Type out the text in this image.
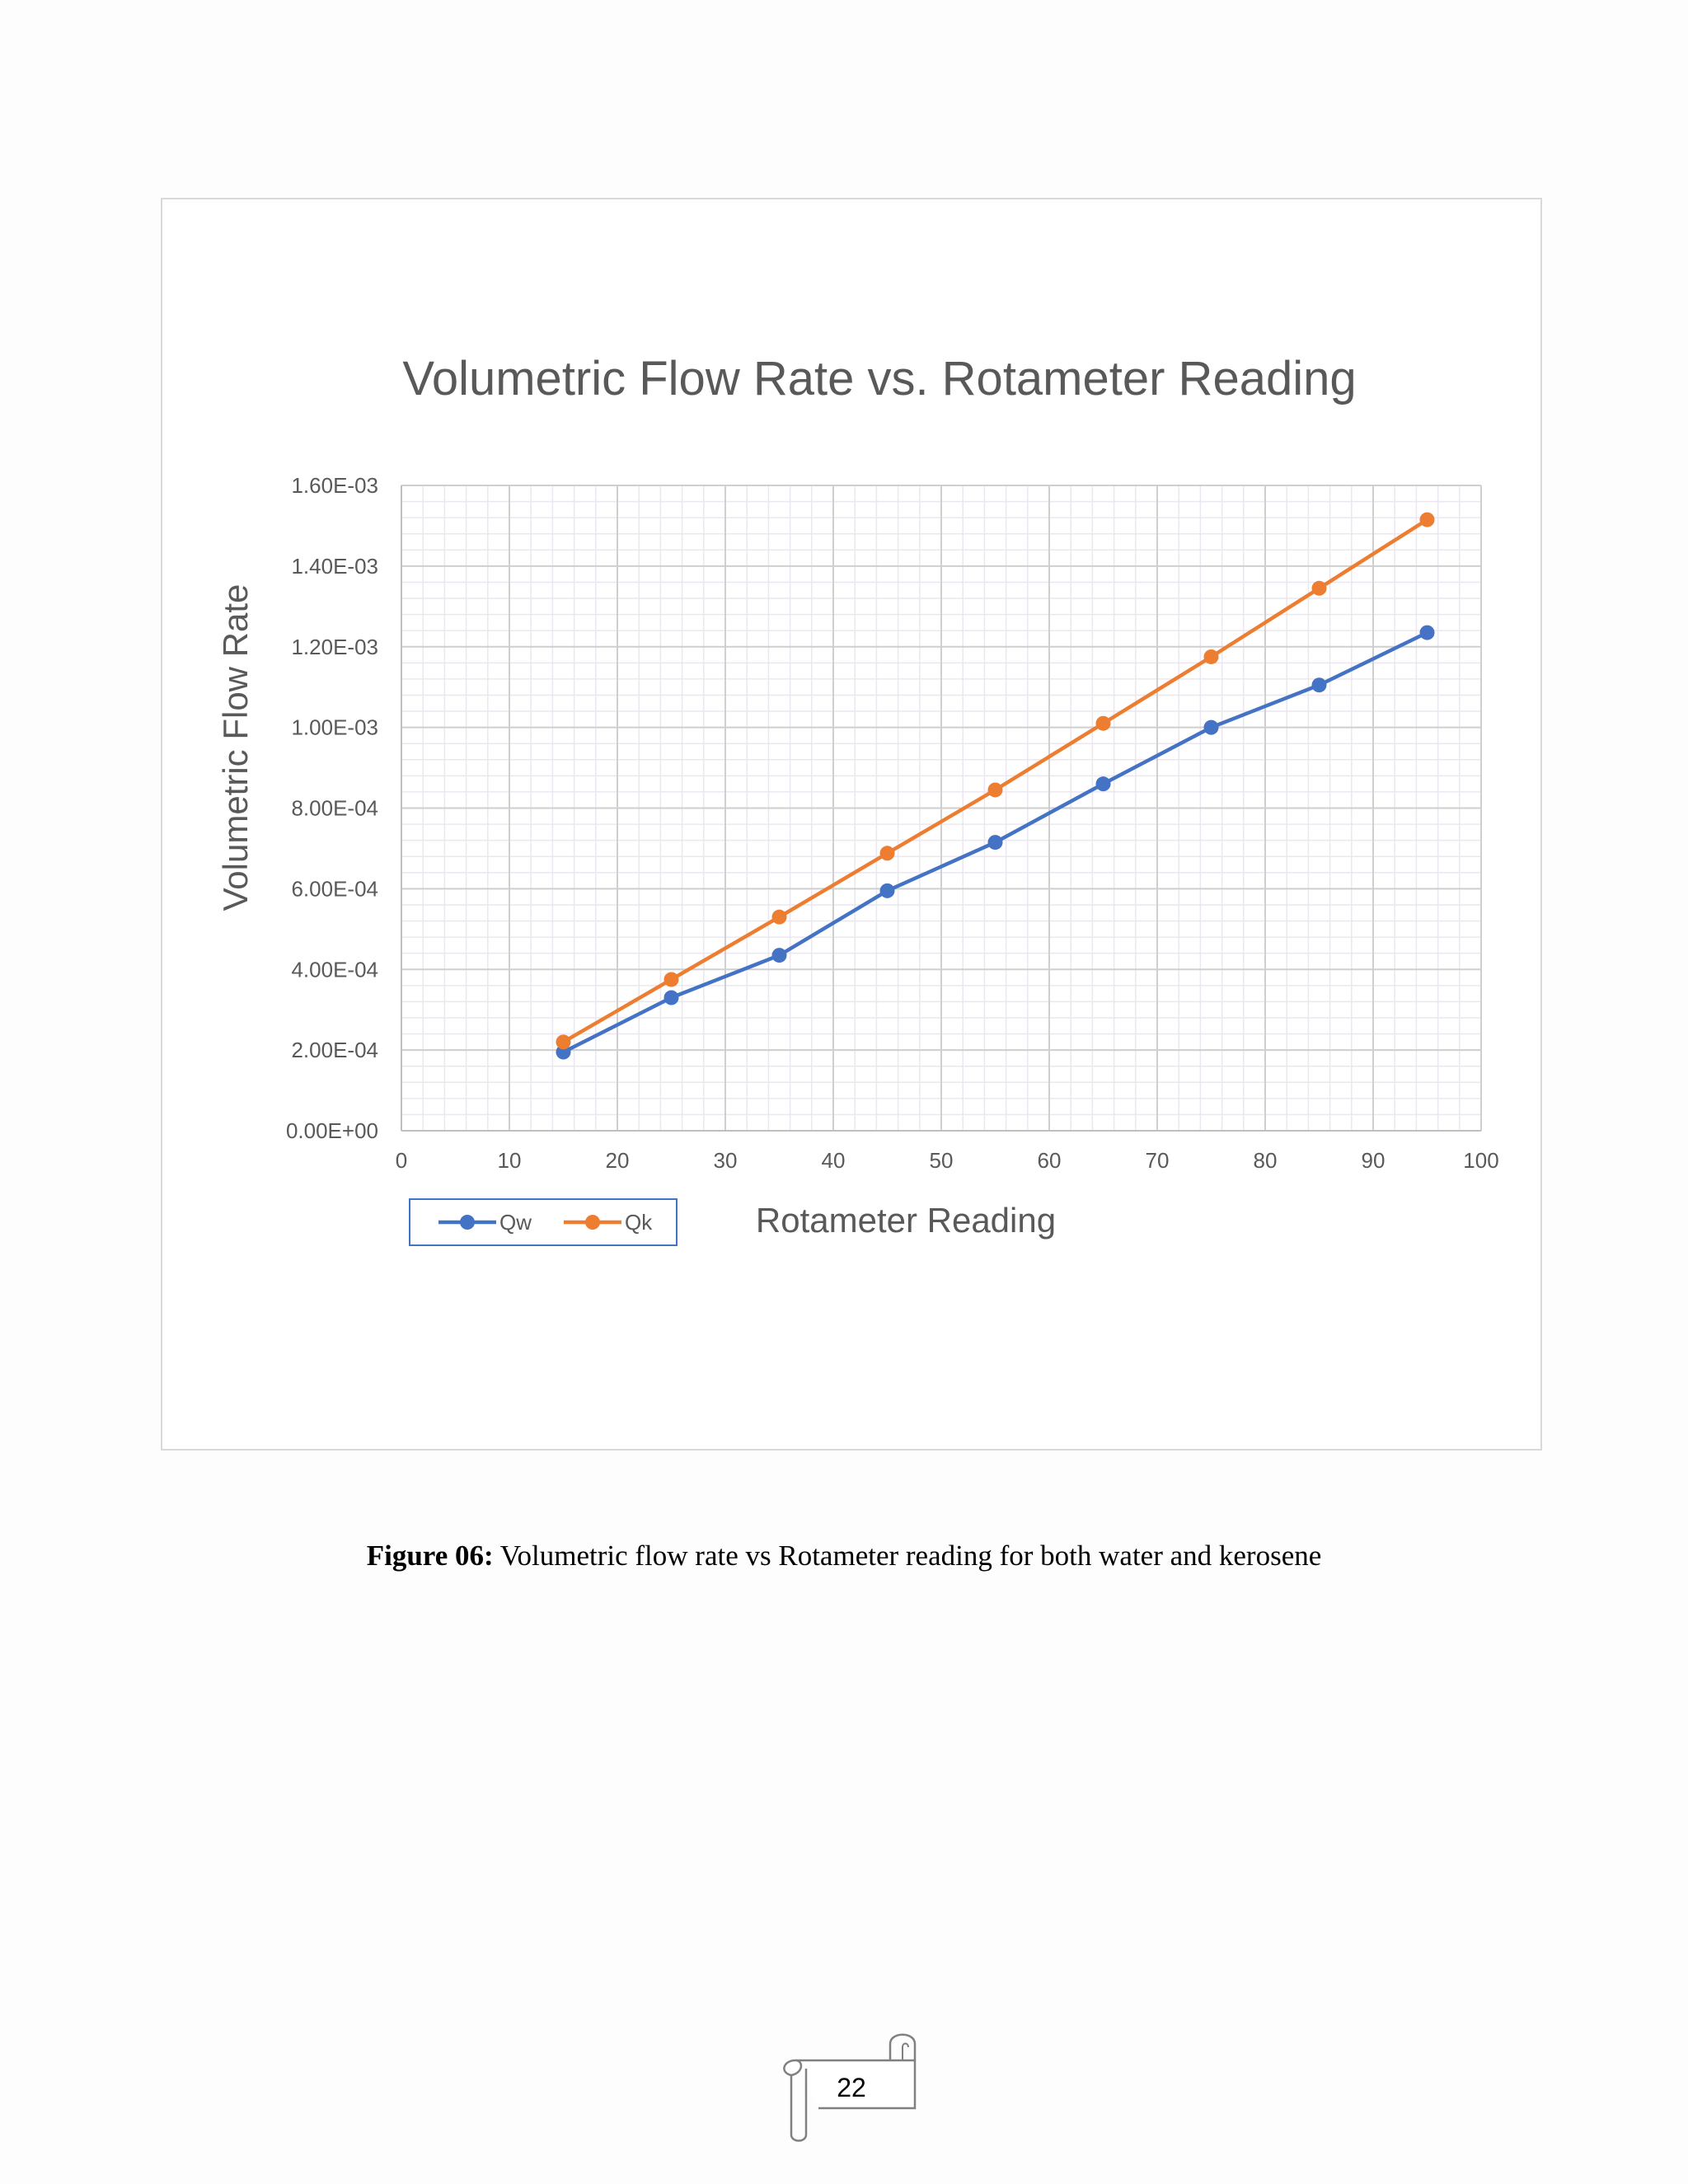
0	10	20	30	40	50	60	70	80	90	100
0.00E+00
2.00E-04
4.00E-04
6.00E-04
8.00E-04
1.00E-03
1.20E-03
1.40E-03
1.60E-03
Volumetric Flow Rate vs. Rotameter Reading
Volumetric Flow Rate
Rotameter Reading
Qw	Qk
Figure 06: Volumetric flow rate vs Rotameter reading for both water and kerosene
22
